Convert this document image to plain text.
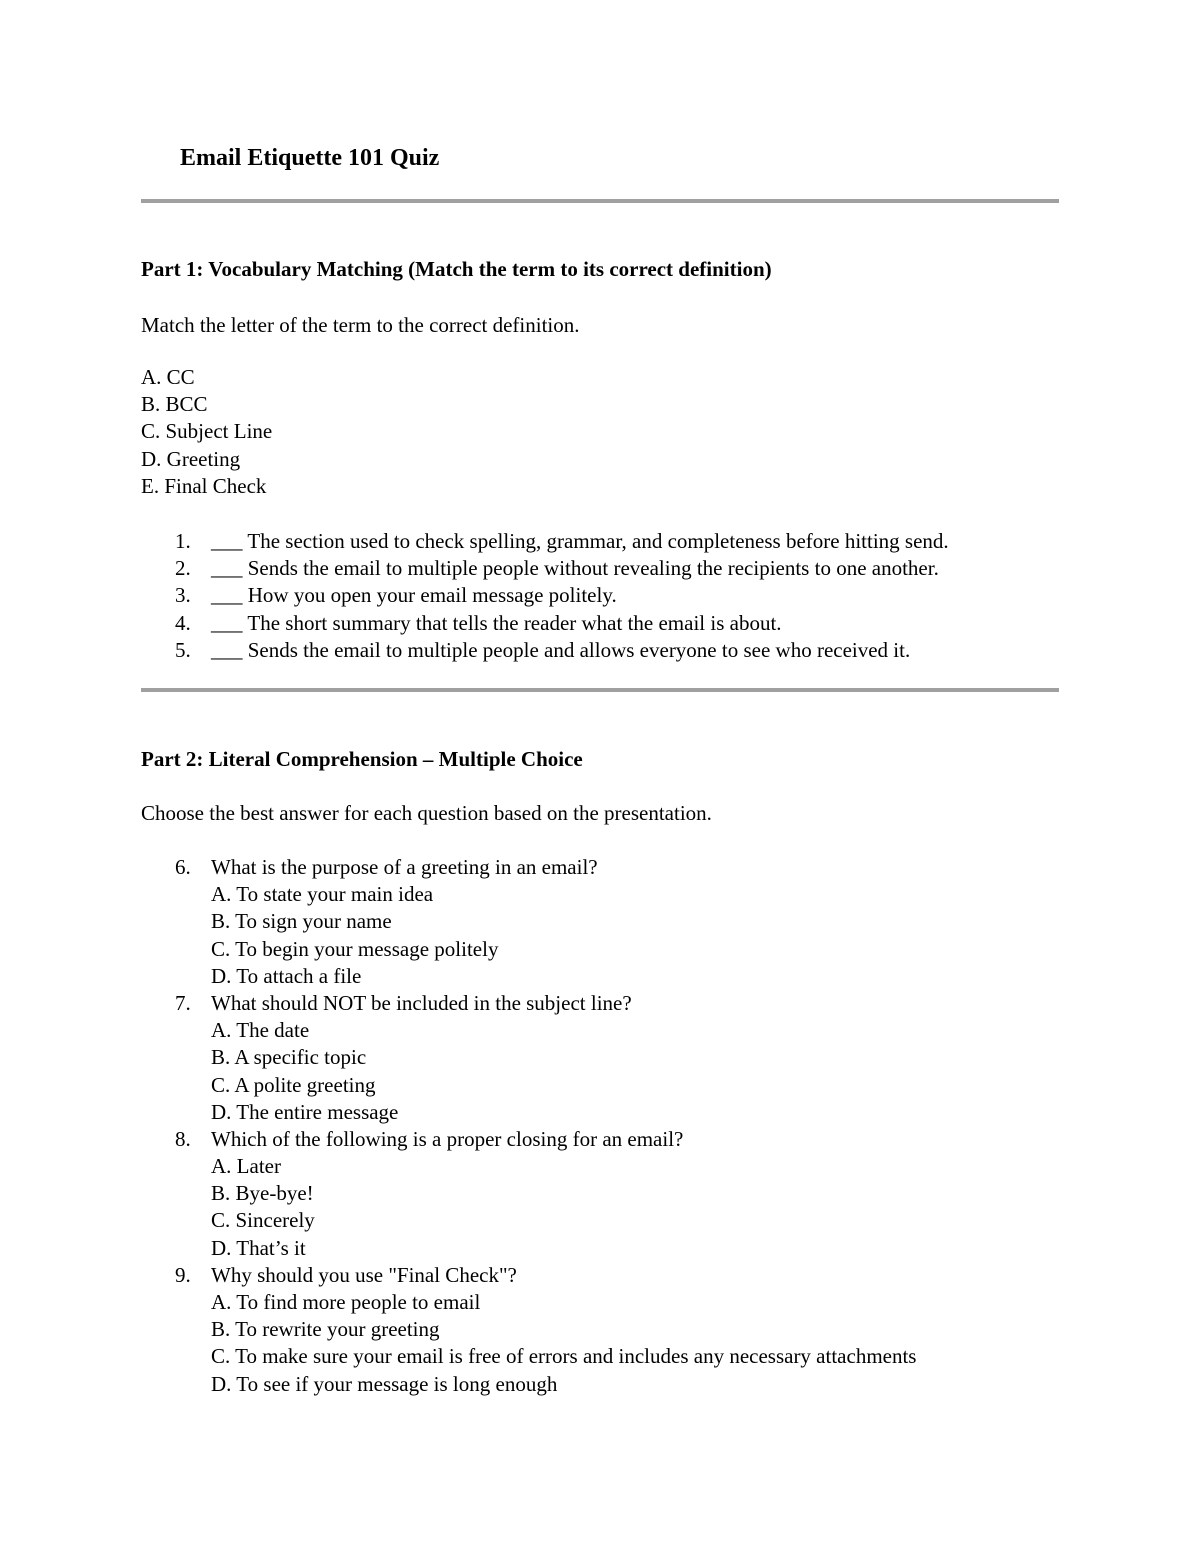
Email Etiquette 101 Quiz
Part 1: Vocabulary Matching (Match the term to its correct definition)
Match the letter of the term to the correct definition.
A. CC
B. BCC
C. Subject Line
D. Greeting
E. Final Check
1. ___ The section used to check spelling, grammar, and completeness before hitting send.
2. ___ Sends the email to multiple people without revealing the recipients to one another.
3. ___ How you open your email message politely.
4. ___ The short summary that tells the reader what the email is about.
5. ___ Sends the email to multiple people and allows everyone to see who received it.
Part 2: Literal Comprehension – Multiple Choice
Choose the best answer for each question based on the presentation.
6. What is the purpose of a greeting in an email?
A. To state your main idea
B. To sign your name
C. To begin your message politely
D. To attach a file
7. What should NOT be included in the subject line?
A. The date
B. A specific topic
C. A polite greeting
D. The entire message
8. Which of the following is a proper closing for an email?
A. Later
B. Bye-bye!
C. Sincerely
D. That’s it
9. Why should you use "Final Check"?
A. To find more people to email
B. To rewrite your greeting
C. To make sure your email is free of errors and includes any necessary attachments
D. To see if your message is long enough
